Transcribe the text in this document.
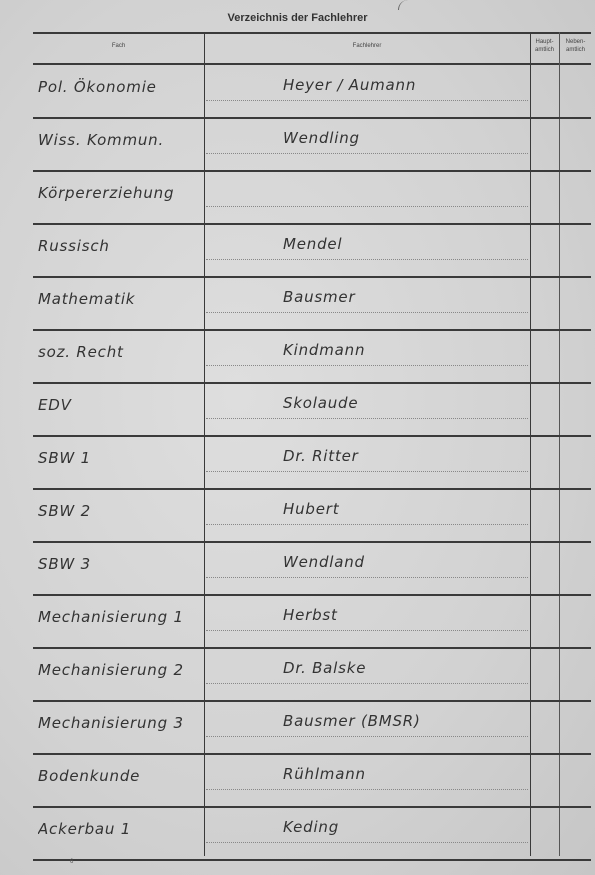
Verzeichnis der Fachlehrer
Fach	Fachlehrer
Haupt-
amtlich
Neben-
amtlich
Pol. Ökonomie	Heyer / Aumann
Wiss. Kommun.	Wendling
Körpererziehung
Russisch	Mendel
Mathematik	Bausmer
soz. Recht	Kindmann
EDV	Skolaude
SBW 1	Dr. Ritter
SBW 2	Hubert
SBW 3	Wendland
Mechanisierung 1	Herbst
Mechanisierung 2	Dr. Balske
Mechanisierung 3	Bausmer (BMSR)
Bodenkunde	Rühlmann
Ackerbau 1	Keding
6
